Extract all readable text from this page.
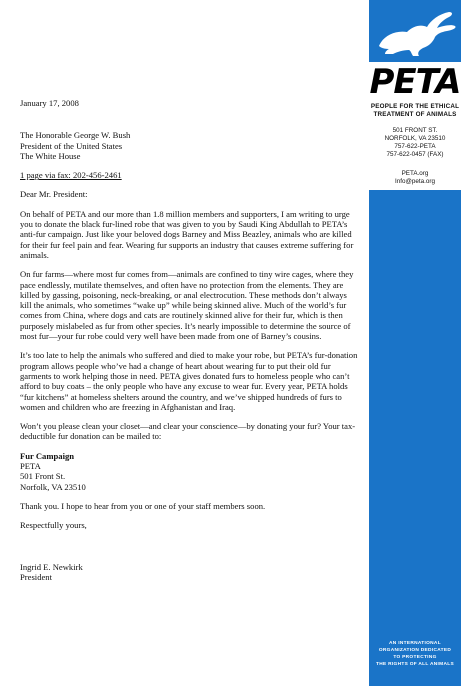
PETA
PEOPLE FOR THE ETHICAL
TREATMENT OF ANIMALS
501 FRONT ST.
NORFOLK, VA 23510
757-622-PETA
757-622-0457 (FAX)
PETA.org
Info@peta.org
AN INTERNATIONAL
ORGANIZATION DEDICATED
TO PROTECTING
THE RIGHTS OF ALL ANIMALS

January 17, 2008

The Honorable George W. Bush
President of the United States
The White House

1 page via fax: 202-456-2461

Dear Mr. President:

On behalf of PETA and our more than 1.8 million members and supporters, I am writing to urge you to donate the black fur-lined robe that was given to you by Saudi King Abdullah to PETA’s anti-fur campaign. Just like your beloved dogs Barney and Miss Beazley, animals who are killed for their fur feel pain and fear. Wearing fur supports an industry that causes extreme suffering for animals.

On fur farms—where most fur comes from—animals are confined to tiny wire cages, where they pace endlessly, mutilate themselves, and often have no protection from the elements. They are killed by gassing, poisoning, neck-breaking, or anal electrocution. These methods don’t always kill the animals, who sometimes “wake up” while being skinned alive. Much of the world’s fur comes from China, where dogs and cats are routinely skinned alive for their fur, which is then purposely mislabeled as fur from other species. It’s nearly impossible to determine the source of most fur—your fur robe could very well have been made from one of Barney’s cousins.

It’s too late to help the animals who suffered and died to make your robe, but PETA’s fur-donation program allows people who’ve had a change of heart about wearing fur to put their old fur garments to work helping those in need. PETA gives donated furs to homeless people who can’t afford to buy coats – the only people who have any excuse to wear fur. Every year, PETA holds “fur kitchens” at homeless shelters around the country, and we’ve shipped hundreds of furs to women and children who are freezing in Afghanistan and Iraq.

Won’t you please clean your closet—and clear your conscience—by donating your fur? Your tax-deductible fur donation can be mailed to:

Fur Campaign
PETA
501 Front St.
Norfolk, VA 23510

Thank you. I hope to hear from you or one of your staff members soon.

Respectfully yours,

Ingrid E. Newkirk
President
